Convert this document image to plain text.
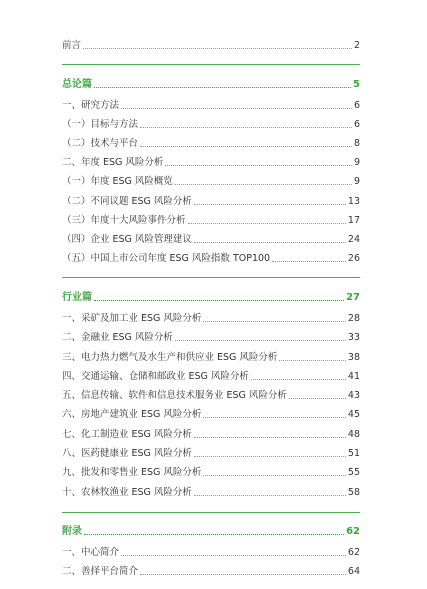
前言	2
总论篇	5
一、研究方法	6
（一）目标与方法	6
（二）技术与平台	8
二、年度 ESG 风险分析	9
（一）年度 ESG 风险概览	9
（二）不同议题 ESG 风险分析	13
（三）年度十大风险事件分析	17
（四）企业 ESG 风险管理建议	24
（五）中国上市公司年度 ESG 风险指数 TOP100	26
行业篇	27
一、采矿及加工业 ESG 风险分析	28
二、金融业 ESG 风险分析	33
三、电力热力燃气及水生产和供应业 ESG 风险分析	38
四、交通运输、仓储和邮政业 ESG 风险分析	41
五、信息传输、软件和信息技术服务业 ESG 风险分析	43
六、房地产建筑业 ESG 风险分析	45
七、化工制造业 ESG 风险分析	48
八、医药健康业 ESG 风险分析	51
九、批发和零售业 ESG 风险分析	55
十、农林牧渔业 ESG 风险分析	58
附录	62
一、中心简介	62
二、善择平台简介	64
